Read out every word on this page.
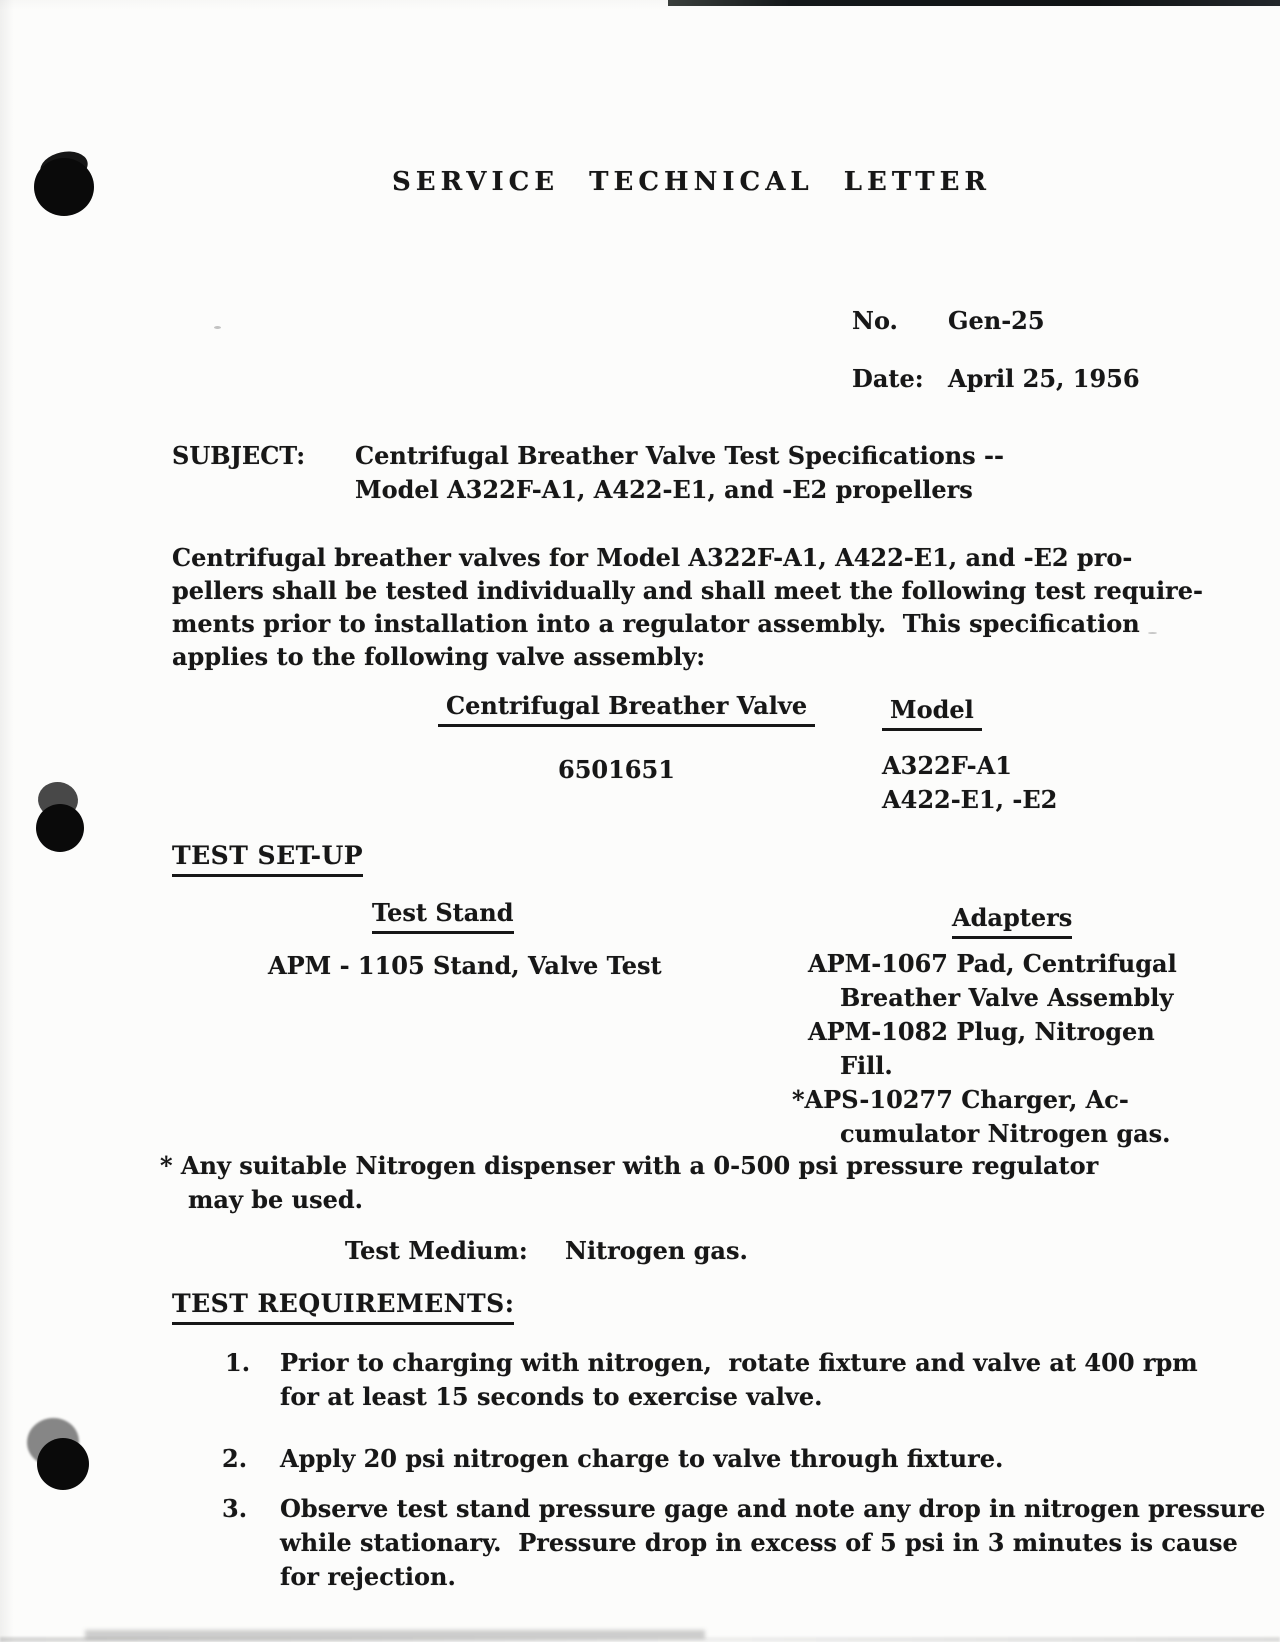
SERVICE TECHNICAL LETTER
No. Gen-25
Date: April 25, 1956
SUBJECT: Centrifugal Breather Valve Test Specifications --
Model A322F-A1, A422-E1, and -E2 propellers
Centrifugal breather valves for Model A322F-A1, A422-E1, and -E2 pro-
pellers shall be tested individually and shall meet the following test require-
ments prior to installation into a regulator assembly.  This specification
applies to the following valve assembly:
Centrifugal Breather Valve	Model
6501651	A322F-A1
A422-E1, -E2
TEST SET-UP
Test Stand	Adapters
APM - 1105 Stand, Valve Test	APM-1067 Pad, Centrifugal
Breather Valve Assembly
APM-1082 Plug, Nitrogen
Fill.
*APS-10277 Charger, Ac-
cumulator Nitrogen gas.
* Any suitable Nitrogen dispenser with a 0-500 psi pressure regulator
may be used.
Test Medium: Nitrogen gas.
TEST REQUIREMENTS:
1. Prior to charging with nitrogen,  rotate fixture and valve at 400 rpm
for at least 15 seconds to exercise valve.
2. Apply 20 psi nitrogen charge to valve through fixture.
3. Observe test stand pressure gage and note any drop in nitrogen pressure
while stationary.  Pressure drop in excess of 5 psi in 3 minutes is cause
for rejection.
